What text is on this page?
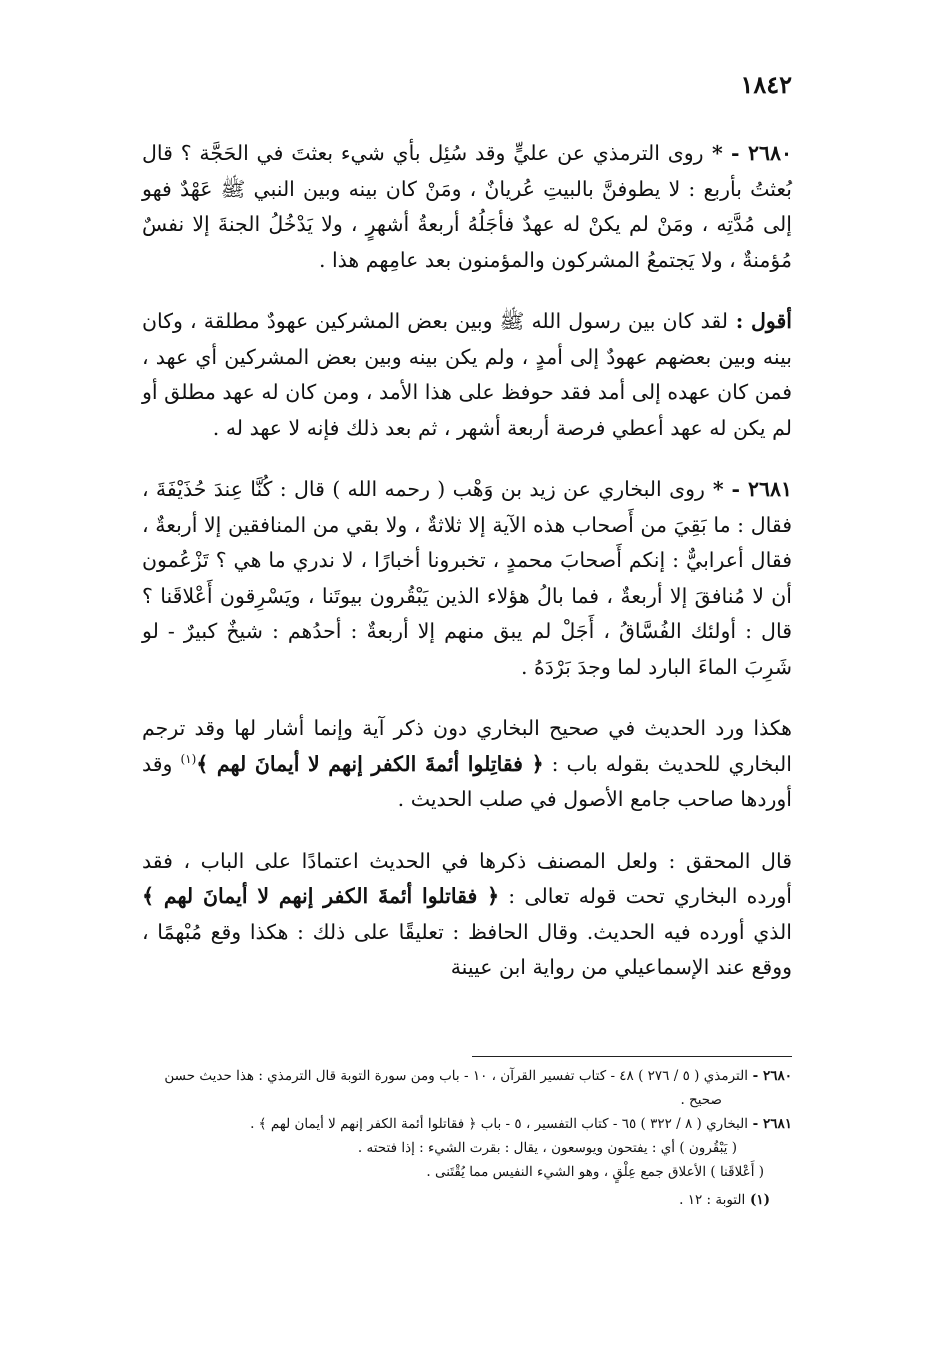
١٨٤٢

٢٦٨٠ - * روى الترمذي عن عليٍّ وقد سُئِل بأي شيء بعثتَ في الحَجَّة ؟ قال بُعثتُ بأربع : لا يطوفنَّ بالبيتِ عُريانٌ ، ومَنْ كان بينه وبين النبي ﷺ عَهْدٌ فهو إلى مُدَّتِه ، ومَنْ لم يكنْ له عهدٌ فأجَلُهُ أربعةُ أشهرٍ ، ولا يَدْخُلُ الجنةَ إلا نفسٌ مُؤمنةٌ ، ولا يَجتمعُ المشركون والمؤمنون بعد عامِهم هذا .

أقول : لقد كان بين رسول الله ﷺ وبين بعض المشركين عهودٌ مطلقة ، وكان بينه وبين بعضهم عهودٌ إلى أمدٍ ، ولم يكن بينه وبين بعض المشركين أي عهد ، فمن كان عهده إلى أمد فقد حوفظ على هذا الأمد ، ومن كان له عهد مطلق أو لم يكن له عهد أعطي فرصة أربعة أشهر ، ثم بعد ذلك فإنه لا عهد له .

٢٦٨١ - * روى البخاري عن زيد بن وَهْب ( رحمه الله ) قال : كُنَّا عِندَ حُذَيْفَةَ ، فقال : ما بَقِيَ من أَصحاب هذه الآية إلا ثلاثةٌ ، ولا بقي من المنافقين إلا أربعةٌ ، فقال أعرابيٌّ : إنكم أَصحابَ محمدٍ ، تخبرونا أخبارًا ، لا ندري ما هي ؟ تَزْعُمون أن لا مُنافقَ إلا أربعةٌ ، فما بالُ هؤلاء الذين يَبْقُرون بيوتَنا ، ويَسْرِقون أَعْلاقَنا ؟ قال : أولئك الفُسَّاقُ ، أَجَلْ لم يبق منهم إلا أربعةٌ : أحدُهم : شيخٌ كبيرٌ - لو شَرِبَ الماءَ البارد لما وجدَ بَرْدَهُ .

هكذا ورد الحديث في صحيح البخاري دون ذكر آية وإنما أشار لها وقد ترجم البخاري للحديث بقوله باب : ﴿ فقاتِلوا أئمةَ الكفر إنهم لا أيمانَ لهم ﴾$^{(١)}$ وقد أوردها صاحب جامع الأصول في صلب الحديث .

قال المحقق : ولعل المصنف ذكرها في الحديث اعتمادًا على الباب ، فقد أورده البخاري تحت قوله تعالى : ﴿ فقاتلوا أئمةَ الكفر إنهم لا أيمانَ لهم ﴾ الذي أورده فيه الحديث. وقال الحافظ : تعليقًا على ذلك : هكذا وقع مُبْهمًا ، ووقع عند الإسماعيلي من رواية ابن عيينة

٢٦٨٠ - الترمذي ( ٥ / ٢٧٦ ) ٤٨ - كتاب تفسير القرآن ، ١٠ - باب ومن سورة التوبة قال الترمذي : هذا حديث حسن

صحيح .

٢٦٨١ - البخاري ( ٨ / ٣٢٢ ) ٦٥ - كتاب التفسير ، ٥ - باب ﴿ فقاتلوا أئمة الكفر إنهم لا أيمان لهم ﴾ .

( يَبْقُرون ) أي : يفتحون ويوسعون ، يقال : بقرت الشيء : إذا فتحته .

( أَعْلاقَنا ) الأعلاق جمع عِلْقٍ ، وهو الشيء النفيس مما يُقْتَنى .

(١) التوبة : ١٢ .
